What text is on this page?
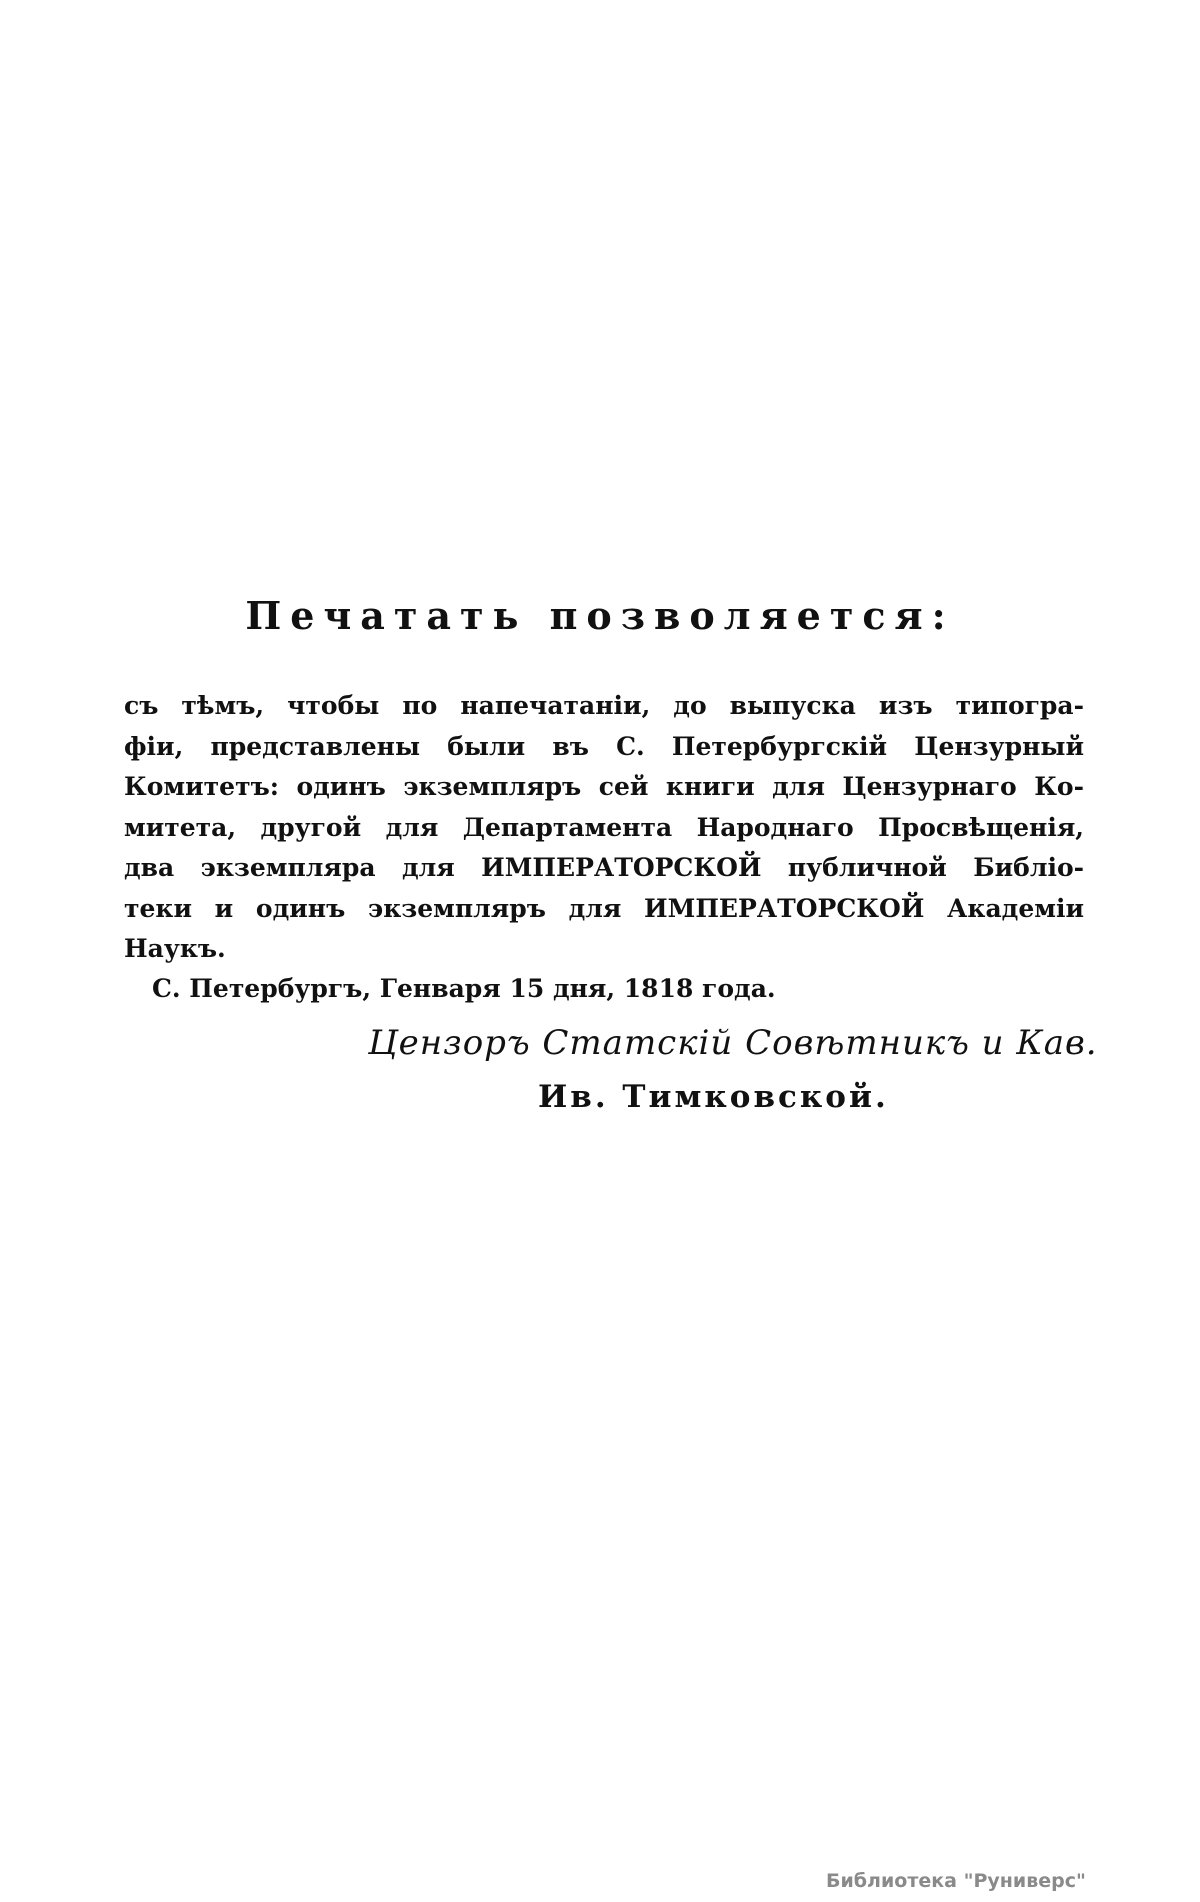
Печатать позволяется:
съ тѣмъ, чтобы по напечатаніи, до выпуска изъ типогра-
фіи, представлены были въ С. Петербургскій Цензурный
Комитетъ: одинъ экземпляръ сей книги для Цензурнаго Ко-
митета, другой для Департамента Народнаго Просвѣщенія,
два экземпляра для ИМПЕРАТОРСКОЙ публичной Библіо-
теки и одинъ экземпляръ для ИМПЕРАТОРСКОЙ Академіи
Наукъ.
С. Петербургъ, Генваря 15 дня, 1818 года.
Цензоръ Статскій Совѣтникъ и Кав.
Ив. Тимковской.
Библиотека "Руниверс"
